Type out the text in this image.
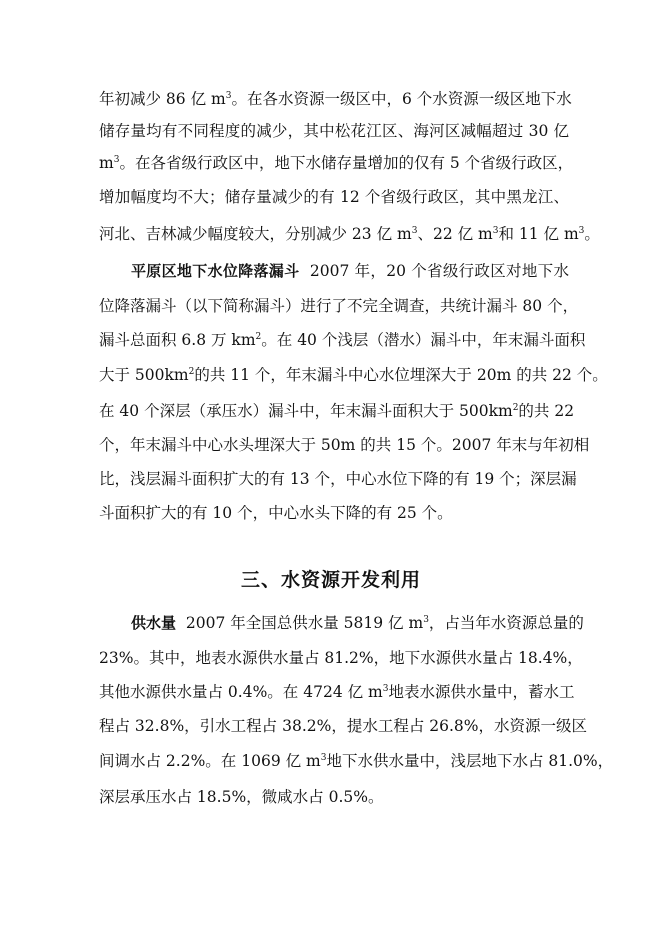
年初减少 86 亿 $m^3$。在各水资源一级区中，6 个水资源一级区地下水
储存量均有不同程度的减少，其中松花江区、海河区减幅超过 30 亿
$m^3$。在各省级行政区中，地下水储存量增加的仅有 5 个省级行政区，
增加幅度均不大；储存量减少的有 12 个省级行政区，其中黑龙江、
河北、吉林减少幅度较大，分别减少 23 亿 $m^3$、22 亿 $m^3$和 11 亿 $m^3$。
平原区地下水位降落漏斗 2007 年，20 个省级行政区对地下水
位降落漏斗（以下简称漏斗）进行了不完全调查，共统计漏斗 80 个，
漏斗总面积 6.8 万 $km^2$。在 40 个浅层（潜水）漏斗中，年末漏斗面积
大于 $500km^2$的共 11 个，年末漏斗中心水位埋深大于 20m 的共 22 个。
在 40 个深层（承压水）漏斗中，年末漏斗面积大于 $500km^2$的共 22
个，年末漏斗中心水头埋深大于 50m 的共 15 个。2007 年末与年初相
比，浅层漏斗面积扩大的有 13 个，中心水位下降的有 19 个；深层漏
斗面积扩大的有 10 个，中心水头下降的有 25 个。
三、水资源开发利用
供水量 2007 年全国总供水量 5819 亿 $m^3$，占当年水资源总量的
23%。其中，地表水源供水量占 81.2%，地下水源供水量占 18.4%，
其他水源供水量占 0.4%。在 4724 亿 $m^3$地表水源供水量中，蓄水工
程占 32.8%，引水工程占 38.2%，提水工程占 26.8%，水资源一级区
间调水占 2.2%。在 1069 亿 $m^3$地下水供水量中，浅层地下水占 81.0%，
深层承压水占 18.5%，微咸水占 0.5%。
